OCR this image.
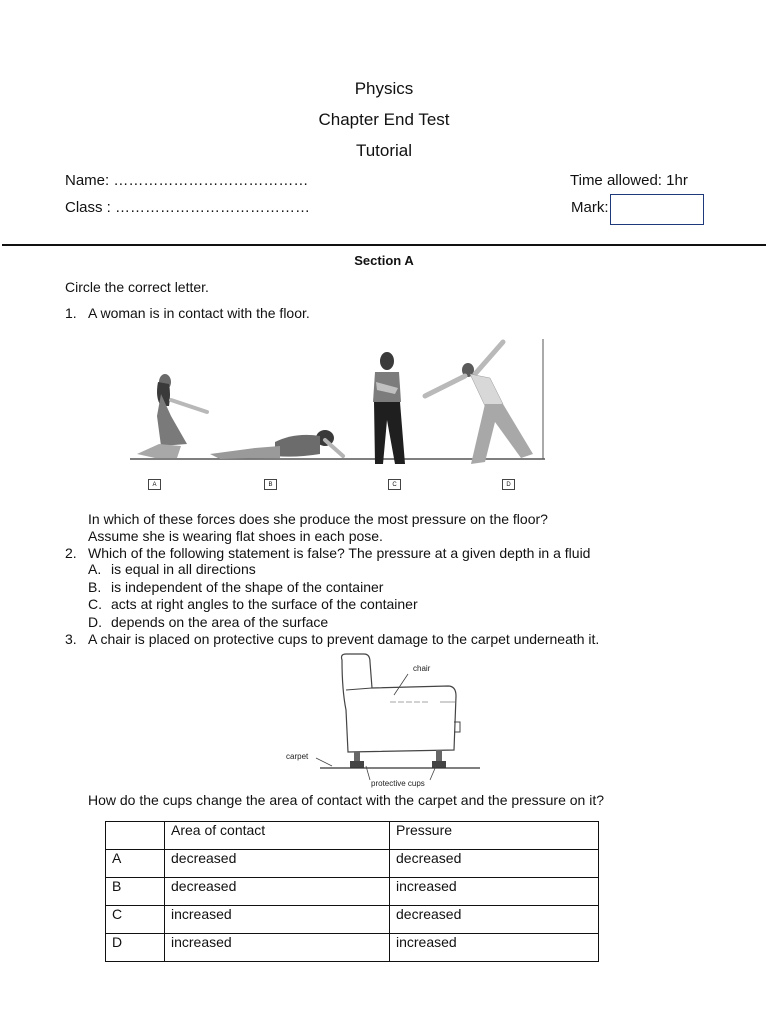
Physics
Chapter End Test
Tutorial
Name: …………………………………
Class : …………………………………
Time allowed: 1hr
Mark:
Section A
Circle the correct letter.
1. A woman is in contact with the floor.
A	B	C	D
In which of these forces does she produce the most pressure on the floor?
Assume she is wearing flat shoes in each pose.
2. Which of the following statement is false? The pressure at a given depth in a fluid
A. is equal in all directions
B. is independent of the shape of the container
C. acts at right angles to the surface of the container
D. depends on the area of the surface
3. A chair is placed on protective cups to prevent damage to the carpet underneath it.
chair
carpet
protective cups
How do the cups change the area of contact with the carpet and the pressure on it?
	Area of contact	Pressure
A	decreased	decreased
B	decreased	increased
C	increased	decreased
D	increased	increased
